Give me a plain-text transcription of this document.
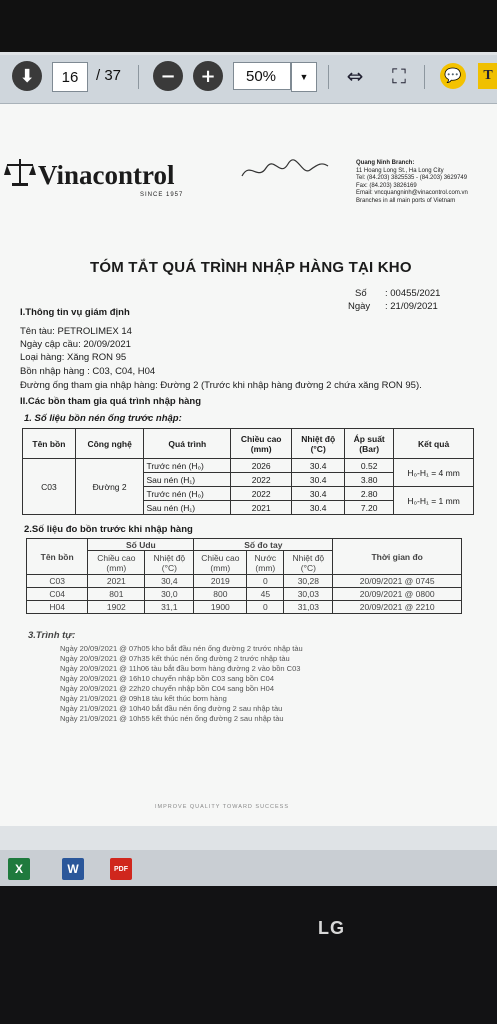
⬇	16	/ 37 − +	50%	▼ ⇔ ⛶	💬 T
Vinacontrol
SINCE 1957
Quang Ninh Branch:
11 Hoang Long St., Ha Long City
Tel: (84.203) 3825535 - (84.203) 3629749
Fax: (84.203) 3826169
Email: vncquangninh@vinacontrol.com.vn
Branches in all main ports of Vietnam
TÓM TẮT QUÁ TRÌNH NHẬP HÀNG TẠI KHO
Số : 00455/2021
Ngày : 21/09/2021
I.Thông tin vụ giám định
Tên tàu: PETROLIMEX 14
Ngày cập cầu: 20/09/2021
Loại hàng: Xăng RON 95
Bồn nhập hàng : C03, C04, H04
Đường ống tham gia nhập hàng: Đường 2 (Trước khi nhập hàng đường 2 chứa xăng RON 95).
II.Các bồn tham gia quá trình nhập hàng
1. Số liệu bồn nén ống trước nhập:
Tên bồn	Công nghệ	Quá trình	Chiều cao (mm)	Nhiệt độ (°C)	Áp suất (Bar)	Kết quả
C03	Đường 2	Trước nén (H₀)	2026	30.4	0.52	H₀-H₁ = 4 mm
		Sau nén (H₁)	2022	30.4	3.80	
		Trước nén (H₀)	2022	30.4	2.80	H₀-H₁ = 1 mm
		Sau nén (H₁)	2021	30.4	7.20	
2.Số liệu đo bồn trước khi nhập hàng
Tên bồn	Số Udu		Số đo tay			Thời gian đo
	Chiều cao (mm)	Nhiệt độ (°C)	Chiều cao (mm)	Nước (mm)	Nhiệt độ (°C)	
C03	2021	30,4	2019	0	30,28	20/09/2021 @ 0745
C04	801	30,0	800	45	30,03	20/09/2021 @ 0800
H04	1902	31,1	1900	0	31,03	20/09/2021 @ 2210
3.Trình tự:
Ngày 20/09/2021 @ 07h05 kho bắt đầu nén ống đường 2 trước nhập tàu
Ngày 20/09/2021 @ 07h35 kết thúc nén ống đường 2 trước nhập tàu
Ngày 20/09/2021 @ 11h06 tàu bắt đầu bơm hàng đường 2 vào bồn C03
Ngày 20/09/2021 @ 16h10 chuyển nhập bồn C03 sang bồn C04
Ngày 20/09/2021 @ 22h20 chuyển nhập bồn C04 sang bồn H04
Ngày 21/09/2021 @ 09h18 tàu kết thúc bơm hàng
Ngày 21/09/2021 @ 10h40 bắt đầu nén ống đường 2 sau nhập tàu
Ngày 21/09/2021 @ 10h55 kết thúc nén ống đường 2 sau nhập tàu
IMPROVE QUALITY TOWARD SUCCESS
X	W	PDF
LG
